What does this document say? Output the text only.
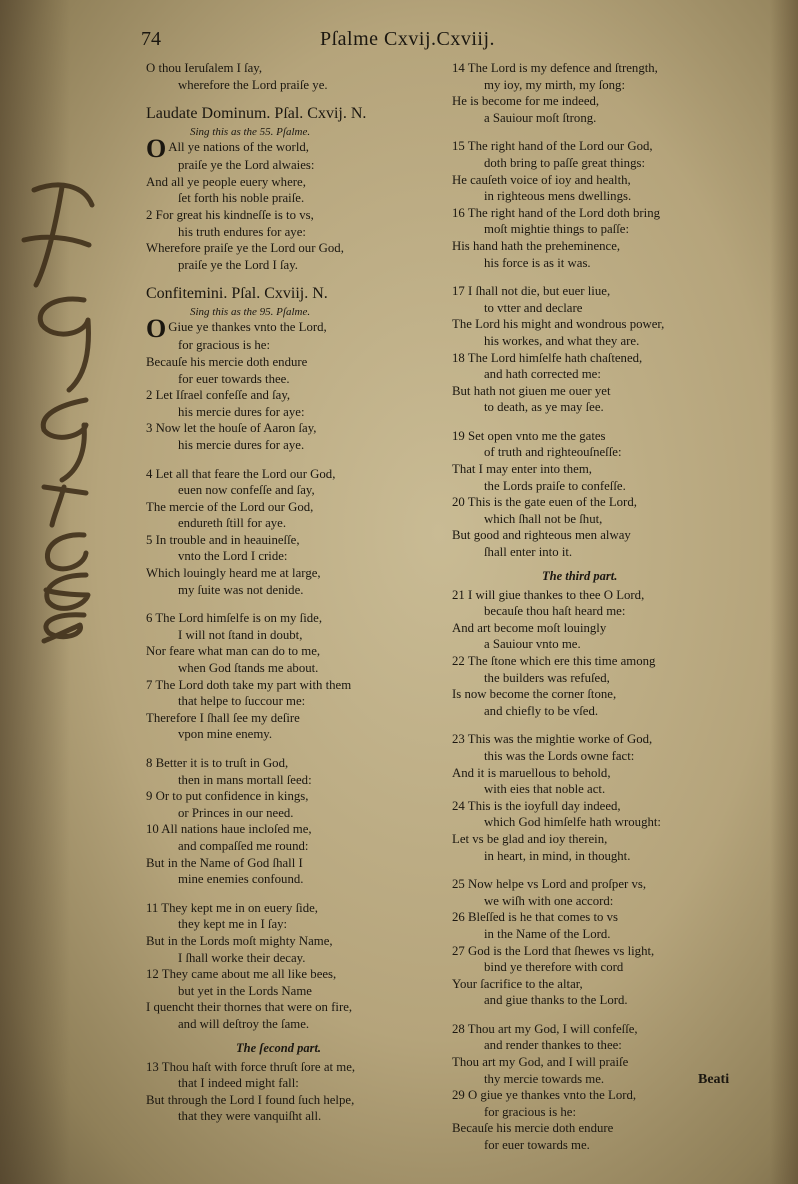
74	Pſalme Cxvij.Cxviij.
O thou Ieruſalem I ſay,
wherefore the Lord praiſe ye.
Laudate Dominum. Pſal. Cxvij. N.
Sing this as the 55. Pſalme.
O All ye nations of the world,
praiſe ye the Lord alwaies:
And all ye people euery where,
ſet forth his noble praiſe.
2 For great his kindneſſe is to vs,
his truth endures for aye:
Wherefore praiſe ye the Lord our God,
praiſe ye the Lord I ſay.
Confitemini. Pſal. Cxviij. N.
Sing this as the 95. Pſalme.
O Giue ye thankes vnto the Lord,
for gracious is he:
Becauſe his mercie doth endure
for euer towards thee.
2 Let Iſrael confeſſe and ſay,
his mercie dures for aye:
3 Now let the houſe of Aaron ſay,
his mercie dures for aye.
4 Let all that feare the Lord our God,
euen now confeſſe and ſay,
The mercie of the Lord our God,
endureth ſtill for aye.
5 In trouble and in heauineſſe,
vnto the Lord I cride:
Which louingly heard me at large,
my ſuite was not denide.
6 The Lord himſelfe is on my ſide,
I will not ſtand in doubt,
Nor feare what man can do to me,
when God ſtands me about.
7 The Lord doth take my part with them
that helpe to ſuccour me:
Therefore I ſhall ſee my deſire
vpon mine enemy.
8 Better it is to truſt in God,
then in mans mortall ſeed:
9 Or to put confidence in kings,
or Princes in our need.
10 All nations haue incloſed me,
and compaſſed me round:
But in the Name of God ſhall I
mine enemies confound.
11 They kept me in on euery ſide,
they kept me in I ſay:
But in the Lords moſt mighty Name,
I ſhall worke their decay.
12 They came about me all like bees,
but yet in the Lords Name
I quencht their thornes that were on fire,
and will deſtroy the ſame.
The ſecond part.
13 Thou haſt with force thruſt ſore at me,
that I indeed might fall:
But through the Lord I found ſuch helpe,
that they were vanquiſht all.
14 The Lord is my defence and ſtrength,
my ioy, my mirth, my ſong:
He is become for me indeed,
a Sauiour moſt ſtrong.
15 The right hand of the Lord our God,
doth bring to paſſe great things:
He cauſeth voice of ioy and health,
in righteous mens dwellings.
16 The right hand of the Lord doth bring
moſt mightie things to paſſe:
His hand hath the preheminence,
his force is as it was.
17 I ſhall not die, but euer liue,
to vtter and declare
The Lord his might and wondrous power,
his workes, and what they are.
18 The Lord himſelfe hath chaſtened,
and hath corrected me:
But hath not giuen me ouer yet
to death, as ye may ſee.
19 Set open vnto me the gates
of truth and righteouſneſſe:
That I may enter into them,
the Lords praiſe to confeſſe.
20 This is the gate euen of the Lord,
which ſhall not be ſhut,
But good and righteous men alway
ſhall enter into it.
The third part.
21 I will giue thankes to thee O Lord,
becauſe thou haſt heard me:
And art become moſt louingly
a Sauiour vnto me.
22 The ſtone which ere this time among
the builders was refuſed,
Is now become the corner ſtone,
and chiefly to be vſed.
23 This was the mightie worke of God,
this was the Lords owne fact:
And it is maruellous to behold,
with eies that noble act.
24 This is the ioyfull day indeed,
which God himſelfe hath wrought:
Let vs be glad and ioy therein,
in heart, in mind, in thought.
25 Now helpe vs Lord and proſper vs,
we wiſh with one accord:
26 Bleſſed is he that comes to vs
in the Name of the Lord.
27 God is the Lord that ſhewes vs light,
bind ye therefore with cord
Your ſacrifice to the altar,
and giue thanks to the Lord.
28 Thou art my God, I will confeſſe,
and render thankes to thee:
Thou art my God, and I will praiſe
thy mercie towards me.
29 O giue ye thankes vnto the Lord,
for gracious is he:
Becauſe his mercie doth endure
for euer towards me.
Beati
